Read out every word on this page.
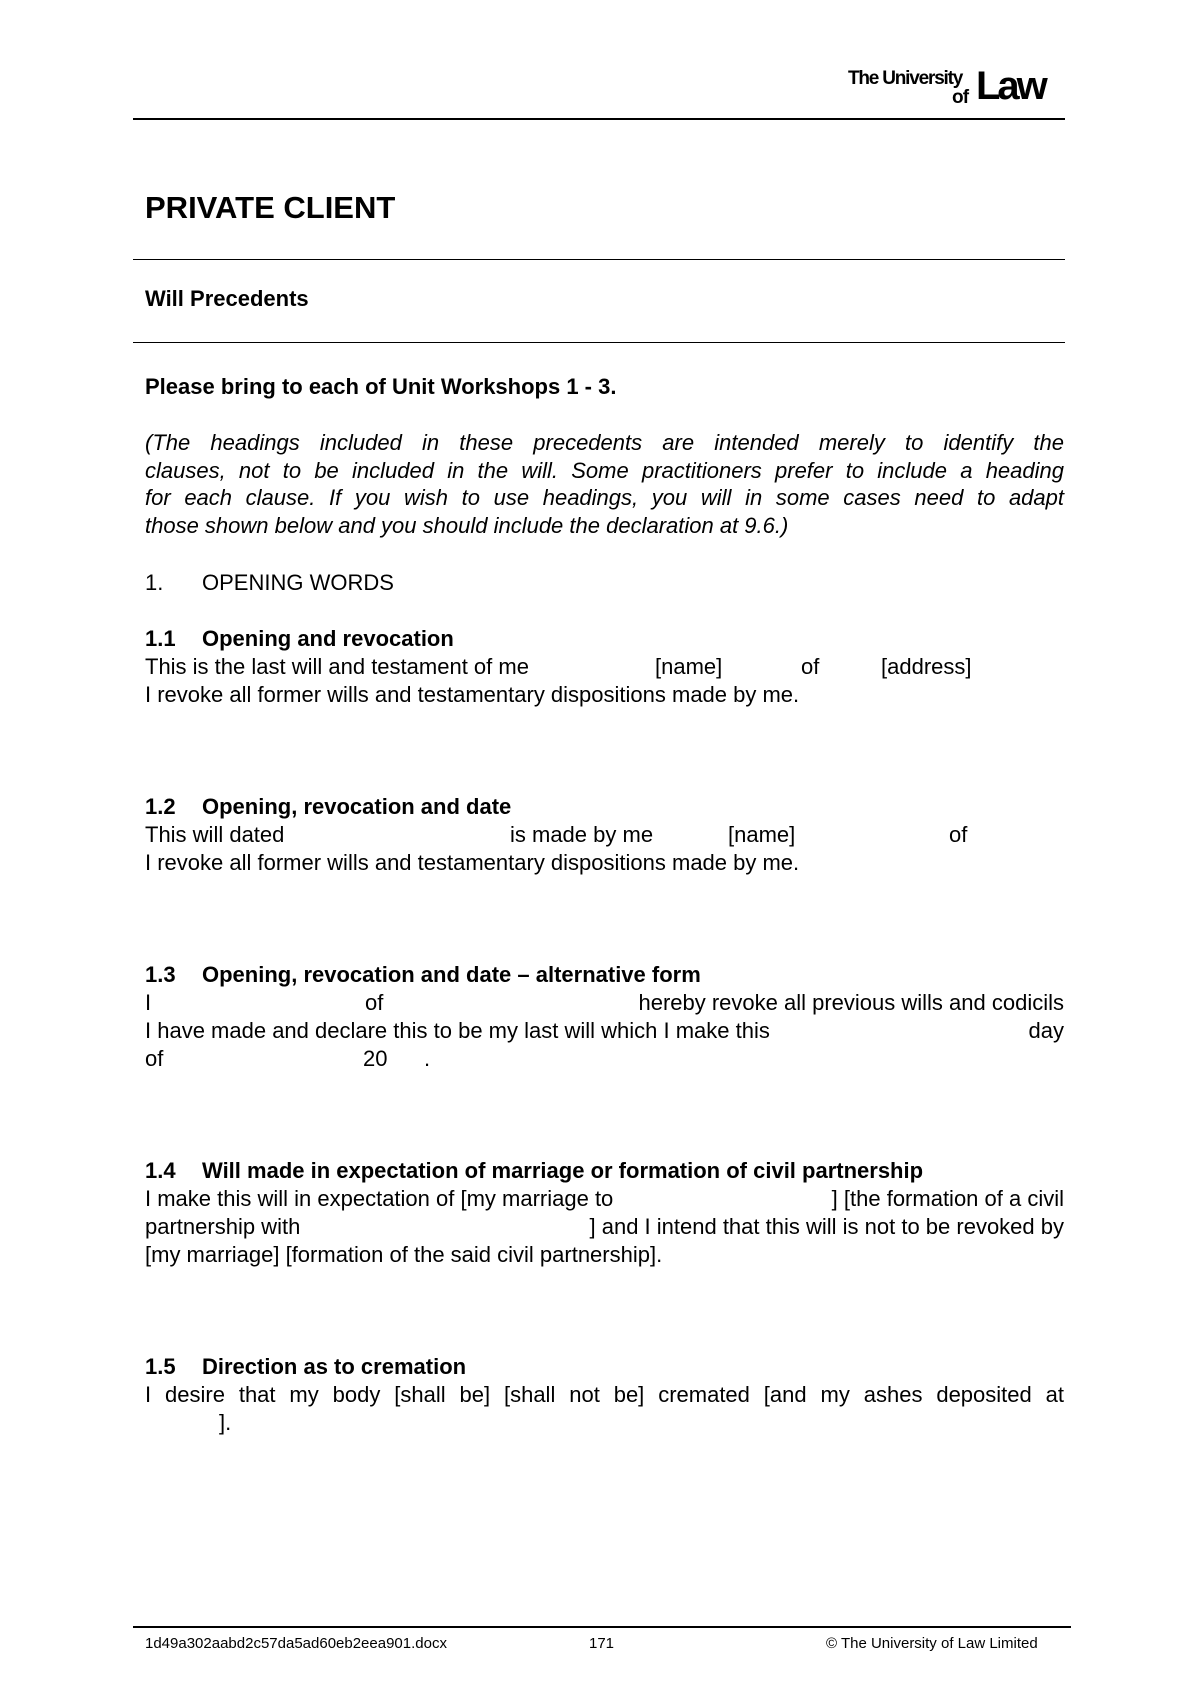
The University
of Law
PRIVATE CLIENT
Will Precedents
Please bring to each of Unit Workshops 1 - 3.
(The headings included in these precedents are intended merely to identify the
clauses, not to be included in the will. Some practitioners prefer to include a heading
for each clause. If you wish to use headings, you will in some cases need to adapt
those shown below and you should include the declaration at 9.6.)
1. OPENING WORDS
1.1 Opening and revocation
This is the last will and testament of me	[name]	of	[address]
I revoke all former wills and testamentary dispositions made by me.
1.2 Opening, revocation and date
This will dated	is made by me	[name]	of
I revoke all former wills and testamentary dispositions made by me.
1.3 Opening, revocation and date – alternative form
I	of	hereby revoke all previous wills and codicils
I have made and declare this to be my last will which I make this	day
of	20 .
1.4 Will made in expectation of marriage or formation of civil partnership
I make this will in expectation of [my marriage to	] [the formation of a civil
partnership with	] and I intend that this will is not to be revoked by
[my marriage] [formation of the said civil partnership].
1.5 Direction as to cremation
I desire that my body [shall be] [shall not be] cremated [and my ashes deposited at
].
1d49a302aabd2c57da5ad60eb2eea901.docx	171	© The University of Law Limited
